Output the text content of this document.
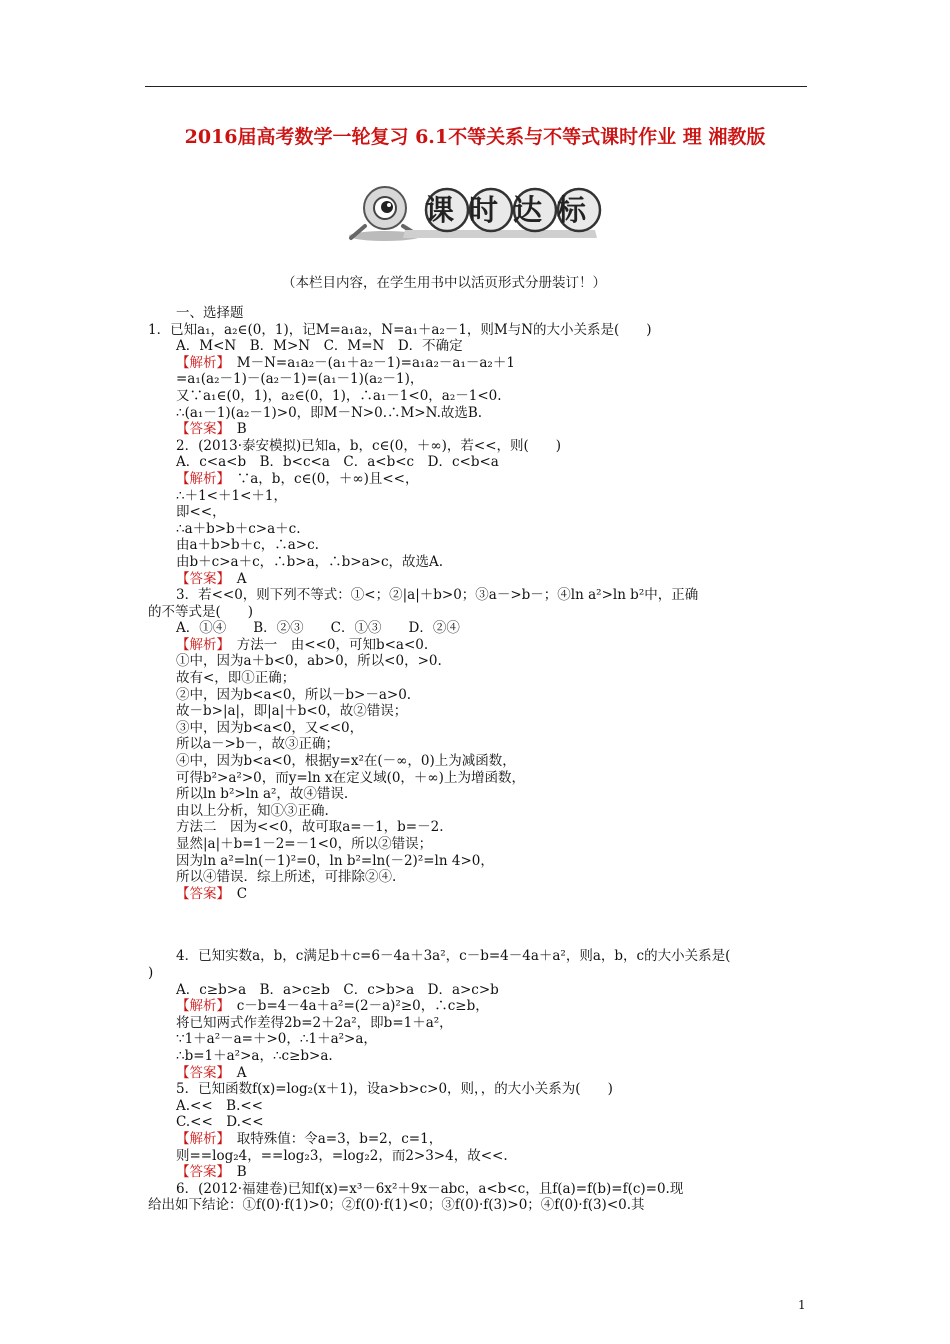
2016届高考数学一轮复习 6.1不等关系与不等式课时作业 理 湘教版
课时达标
（本栏目内容，在学生用书中以活页形式分册装订！）
一、选择题
1．已知a₁，a₂∈(0，1)，记M=a₁a₂，N=a₁＋a₂－1，则M与N的大小关系是(　　)
A．M<N　B．M>N　C．M=N　D．不确定
【解析】　M－N=a₁a₂－(a₁＋a₂－1)=a₁a₂－a₁－a₂＋1
=a₁(a₂－1)－(a₂－1)=(a₁－1)(a₂－1)，
又∵a₁∈(0，1)，a₂∈(0，1)，∴a₁－1<0，a₂－1<0.
∴(a₁－1)(a₂－1)>0，即M－N>0.∴M>N.故选B.
【答案】　B
2．(2013·泰安模拟)已知a，b，c∈(0，＋∞)，若<<，则(　　)
A．c<a<b　B．b<c<a　C．a<b<c　D．c<b<a
【解析】　∵a，b，c∈(0，＋∞)且<<，
∴＋1<＋1<＋1，
即<<，
∴a＋b>b＋c>a＋c.
由a＋b>b＋c，∴a>c.
由b＋c>a＋c，∴b>a，∴b>a>c，故选A.
【答案】　A
3．若<<0，则下列不等式：①<；②|a|＋b>0；③a－>b－；④ln a²>ln b²中，正确
的不等式是(　　)
A．①④　　B．②③　　C．①③　　D．②④
【解析】　方法一　由<<0，可知b<a<0.
①中，因为a＋b<0，ab>0，所以<0，>0.
故有<，即①正确；
②中，因为b<a<0，所以－b>－a>0.
故－b>|a|，即|a|＋b<0，故②错误；
③中，因为b<a<0，又<<0，
所以a－>b－，故③正确；
④中，因为b<a<0，根据y=x²在(－∞，0)上为减函数，
可得b²>a²>0，而y=ln x在定义域(0，＋∞)上为增函数，
所以ln b²>ln a²，故④错误.
由以上分析，知①③正确.
方法二　因为<<0，故可取a=－1，b=－2.
显然|a|＋b=1－2=－1<0，所以②错误；
因为ln a²=ln(－1)²=0，ln b²=ln(－2)²=ln 4>0，
所以④错误．综上所述，可排除②④.
【答案】　C
4．已知实数a，b，c满足b＋c=6－4a＋3a²，c－b=4－4a＋a²，则a，b，c的大小关系是(
)
A．c≥b>a　B．a>c≥b　C．c>b>a　D．a>c>b
【解析】　c－b=4－4a＋a²=(2－a)²≥0，∴c≥b，
将已知两式作差得2b=2＋2a²，即b=1＋a²，
∵1＋a²－a=＋>0，∴1＋a²>a，
∴b=1＋a²>a，∴c≥b>a.
【答案】　A
5．已知函数f(x)=log₂(x＋1)，设a>b>c>0，则，，的大小关系为(　　)
A.<<　B.<<
C.<<　D.<<
【解析】　取特殊值：令a=3，b=2，c=1，
则==log₂4，==log₂3，=log₂2，而2>3>4，故<<.
【答案】　B
6．(2012·福建卷)已知f(x)=x³－6x²＋9x－abc，a<b<c，且f(a)=f(b)=f(c)=0.现
给出如下结论：①f(0)·f(1)>0；②f(0)·f(1)<0；③f(0)·f(3)>0；④f(0)·f(3)<0.其
1
